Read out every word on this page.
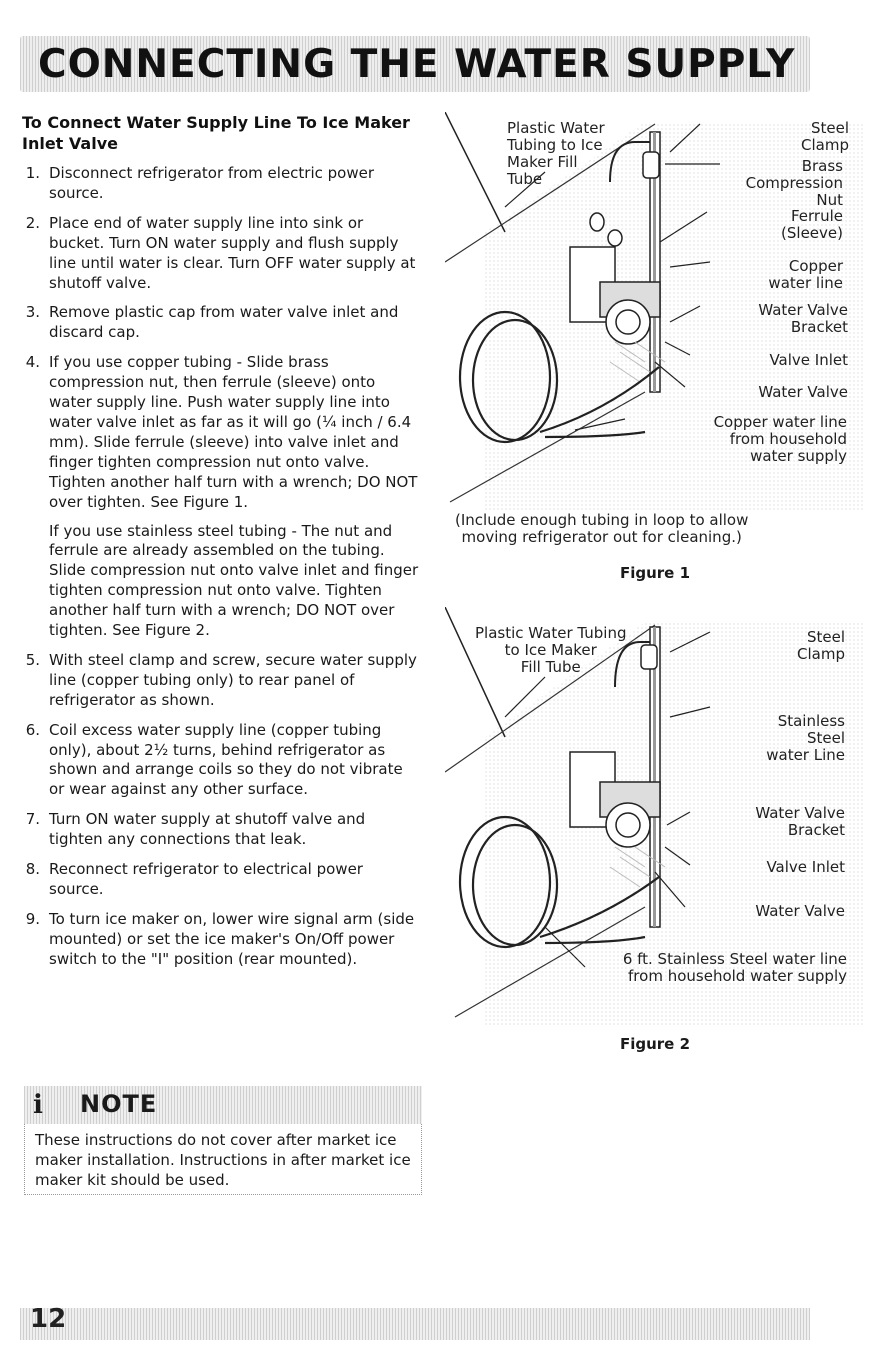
CONNECTING THE WATER SUPPLY
To Connect Water Supply Line To Ice Maker Inlet Valve
1. Disconnect refrigerator from electric power source.

2. Place end of water supply line into sink or bucket. Turn ON water supply and flush supply line until water is clear. Turn OFF water supply at shutoff valve.

3. Remove plastic cap from water valve inlet and discard cap.

4. If you use copper tubing - Slide brass compression nut, then ferrule (sleeve) onto water supply line. Push water supply line into water valve inlet as far as it will go (¼ inch / 6.4 mm). Slide ferrule (sleeve) into valve inlet and finger tighten compression nut onto valve. Tighten another half turn with a wrench; DO NOT over tighten. See Figure 1.

If you use stainless steel tubing - The nut and ferrule are already assembled on the tubing. Slide compression nut onto valve inlet and finger tighten compression nut onto valve. Tighten another half turn with a wrench; DO NOT over tighten. See Figure 2.

5. With steel clamp and screw, secure water supply line (copper tubing only) to rear panel of refrigerator as shown.

6. Coil excess water supply line (copper tubing only), about 2½ turns, behind refrigerator as shown and arrange coils so they do not vibrate or wear against any other surface.

7. Turn ON water supply at shutoff valve and tighten any connections that leak.

8. Reconnect refrigerator to electrical power source.

9. To turn ice maker on, lower wire signal arm (side mounted) or set the ice maker's On/Off power switch to the "I" position (rear mounted).

ℹ NOTE
These instructions do not cover after market ice maker installation. Instructions in after market ice maker kit should be used.
Plastic Water
Tubing to Ice
Maker Fill
Tube
Steel
Clamp
Brass
Compression
Nut
Ferrule
(Sleeve)
Copper
water line
Water Valve
Bracket
Valve Inlet
Water Valve
Copper water line
from household
water supply
(Include enough tubing in loop to allow
moving refrigerator out for cleaning.)
Figure 1
Plastic Water Tubing
to Ice Maker
Fill Tube
Steel
Clamp
Stainless
Steel
water Line
Water Valve
Bracket
Valve Inlet
Water Valve
6 ft. Stainless Steel water line
from household water supply
Figure 2
12
